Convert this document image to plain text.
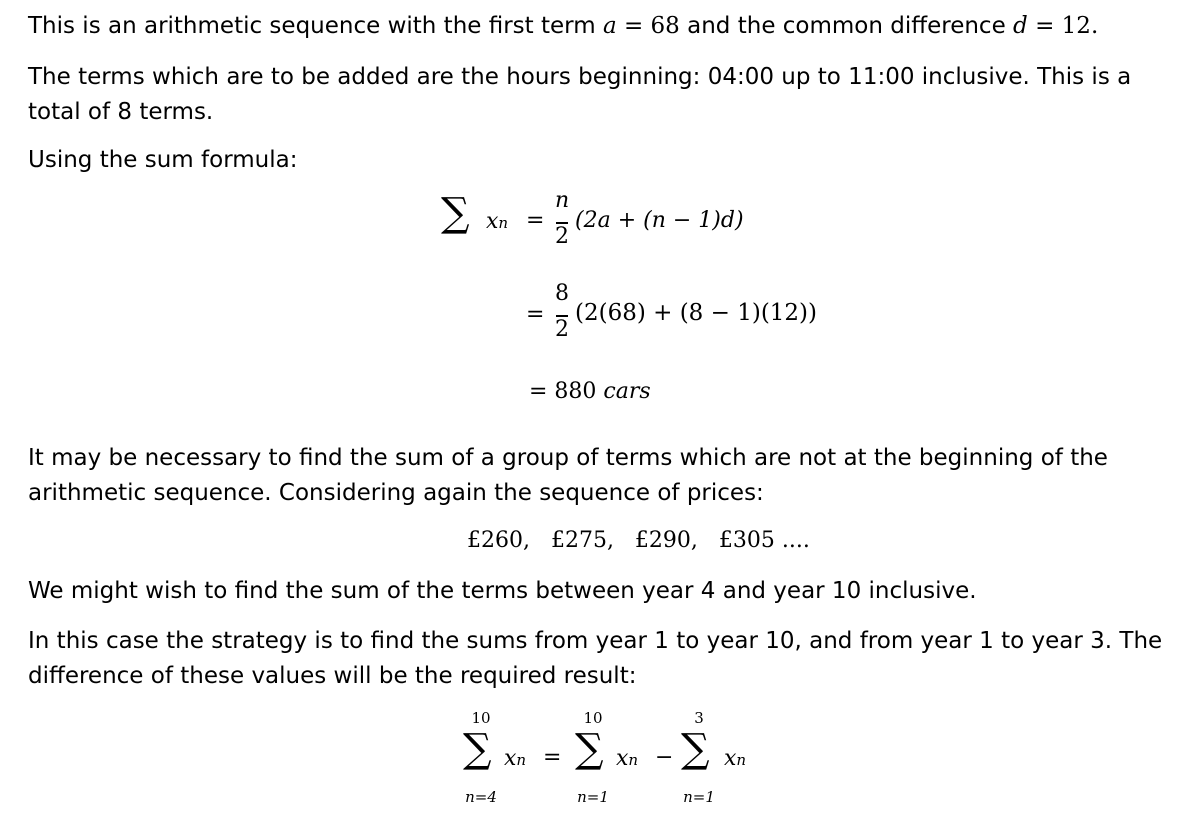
This is an arithmetic sequence with the first term a = 68 and the common difference d = 12.
The terms which are to be added are the hours beginning: 04:00 up to 11:00 inclusive. This is a total of 8 terms.
Using the sum formula:
∑ xn =
n
2
(2a + (n − 1)d)
=
8
2
(2(68) + (8 − 1)(12))
= 880 cars
It may be necessary to find the sum of a group of terms which are not at the beginning of the arithmetic sequence. Considering again the sequence of prices:
£260,   £275,   £290,   £305 ....
We might wish to find the sum of the terms between year 4 and year 10 inclusive.
In this case the strategy is to find the sums from year 1 to year 10, and from year 1 to year 3. The difference of these values will be the required result:
10
∑
n=4
xn =
10
∑
n=1
xn −
3
∑
n=1
xn
